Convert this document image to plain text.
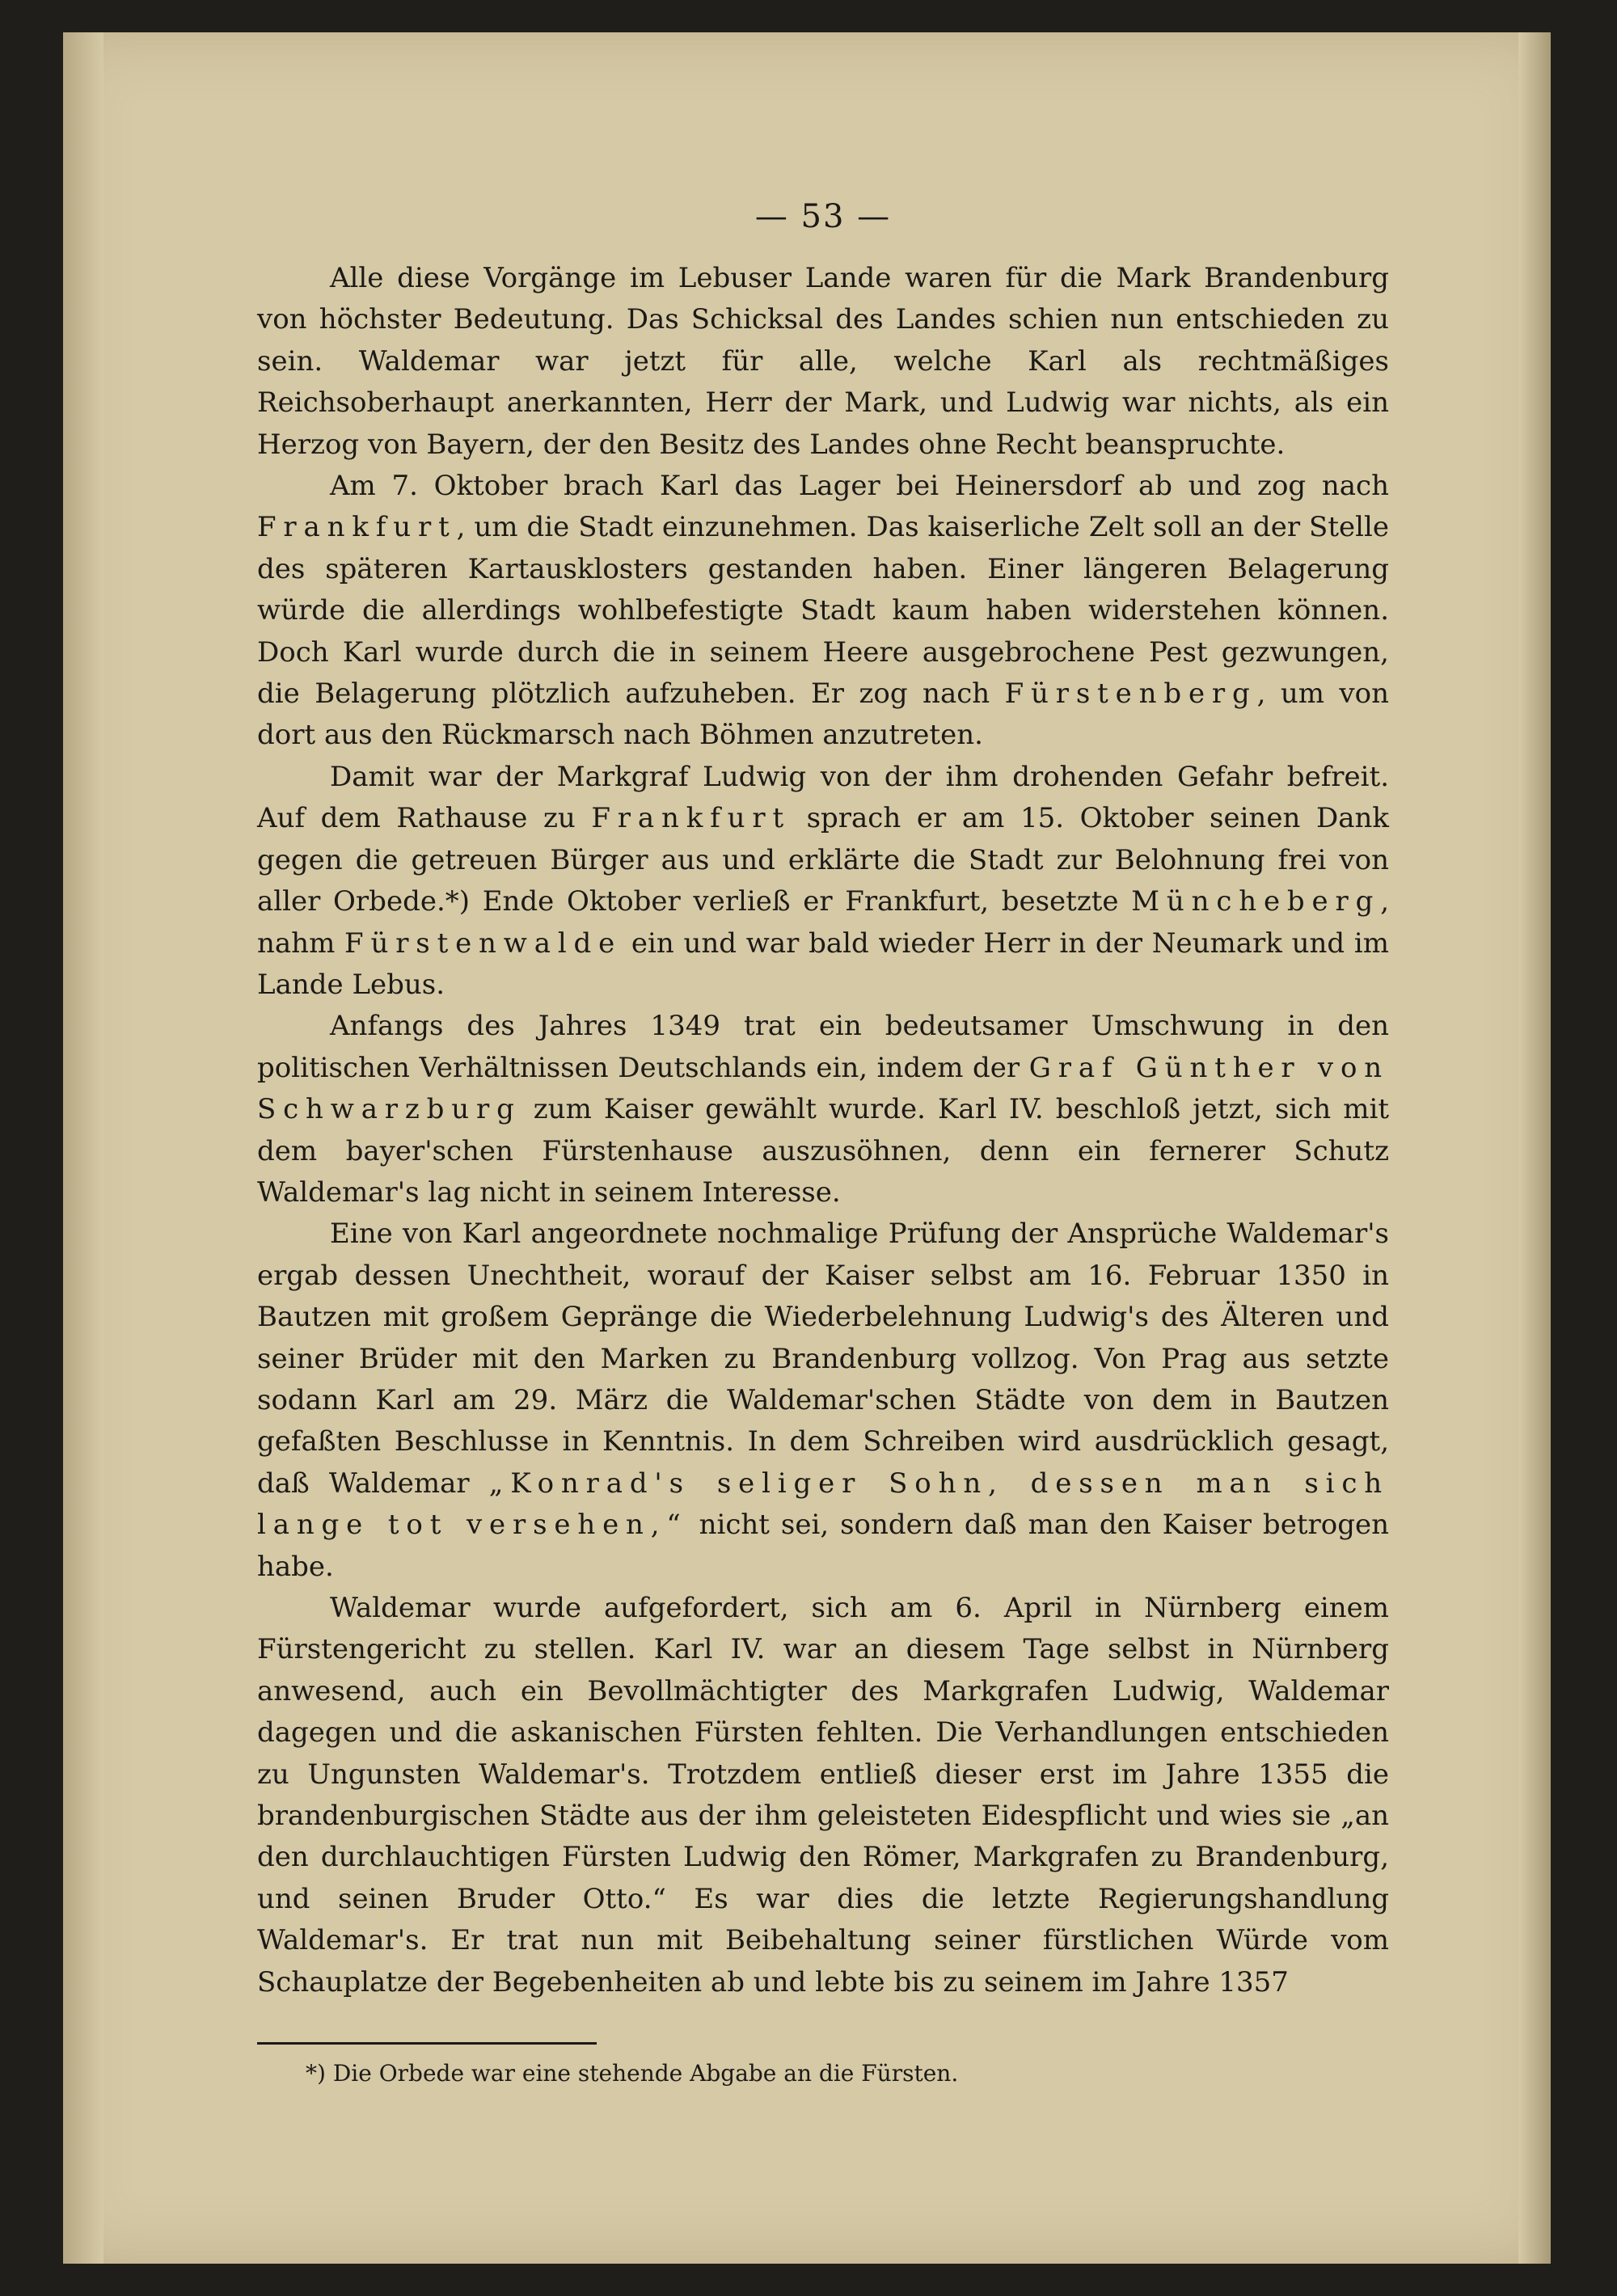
— 53 —

Alle diese Vorgänge im Lebuser Lande waren für die Mark Brandenburg von höchster Bedeutung. Das Schicksal des Landes schien nun entschieden zu sein. Waldemar war jetzt für alle, welche Karl als rechtmäßiges Reichsoberhaupt anerkannten, Herr der Mark, und Ludwig war nichts, als ein Herzog von Bayern, der den Besitz des Landes ohne Recht beanspruchte.

Am 7. Oktober brach Karl das Lager bei Heinersdorf ab und zog nach Frankfurt, um die Stadt einzunehmen. Das kaiserliche Zelt soll an der Stelle des späteren Kartausklosters gestanden haben. Einer längeren Belagerung würde die allerdings wohlbefestigte Stadt kaum haben widerstehen können. Doch Karl wurde durch die in seinem Heere ausgebrochene Pest gezwungen, die Belagerung plötzlich aufzuheben. Er zog nach Fürstenberg, um von dort aus den Rückmarsch nach Böhmen anzutreten.

Damit war der Markgraf Ludwig von der ihm drohenden Gefahr befreit. Auf dem Rathause zu Frankfurt sprach er am 15. Oktober seinen Dank gegen die getreuen Bürger aus und erklärte die Stadt zur Belohnung frei von aller Orbede.*) Ende Oktober verließ er Frankfurt, besetzte Müncheberg, nahm Fürstenwalde ein und war bald wieder Herr in der Neumark und im Lande Lebus.

Anfangs des Jahres 1349 trat ein bedeutsamer Umschwung in den politischen Verhältnissen Deutschlands ein, indem der Graf Günther von Schwarzburg zum Kaiser gewählt wurde. Karl IV. beschloß jetzt, sich mit dem bayer'schen Fürstenhause auszusöhnen, denn ein fernerer Schutz Waldemar's lag nicht in seinem Interesse.

Eine von Karl angeordnete nochmalige Prüfung der Ansprüche Waldemar's ergab dessen Unechtheit, worauf der Kaiser selbst am 16. Februar 1350 in Bautzen mit großem Gepränge die Wiederbelehnung Ludwig's des Älteren und seiner Brüder mit den Marken zu Brandenburg vollzog. Von Prag aus setzte sodann Karl am 29. März die Waldemar'schen Städte von dem in Bautzen gefaßten Beschlusse in Kenntnis. In dem Schreiben wird ausdrücklich gesagt, daß Waldemar „Konrad's seliger Sohn, dessen man sich lange tot versehen,“ nicht sei, sondern daß man den Kaiser betrogen habe.

Waldemar wurde aufgefordert, sich am 6. April in Nürnberg einem Fürstengericht zu stellen. Karl IV. war an diesem Tage selbst in Nürnberg anwesend, auch ein Bevollmächtigter des Markgrafen Ludwig, Waldemar dagegen und die askanischen Fürsten fehlten. Die Verhandlungen entschieden zu Ungunsten Waldemar's. Trotzdem entließ dieser erst im Jahre 1355 die brandenburgischen Städte aus der ihm geleisteten Eidespflicht und wies sie „an den durchlauchtigen Fürsten Ludwig den Römer, Markgrafen zu Brandenburg, und seinen Bruder Otto.“ Es war dies die letzte Regierungshandlung Waldemar's. Er trat nun mit Beibehaltung seiner fürstlichen Würde vom Schauplatze der Begebenheiten ab und lebte bis zu seinem im Jahre 1357

*) Die Orbede war eine stehende Abgabe an die Fürsten.
